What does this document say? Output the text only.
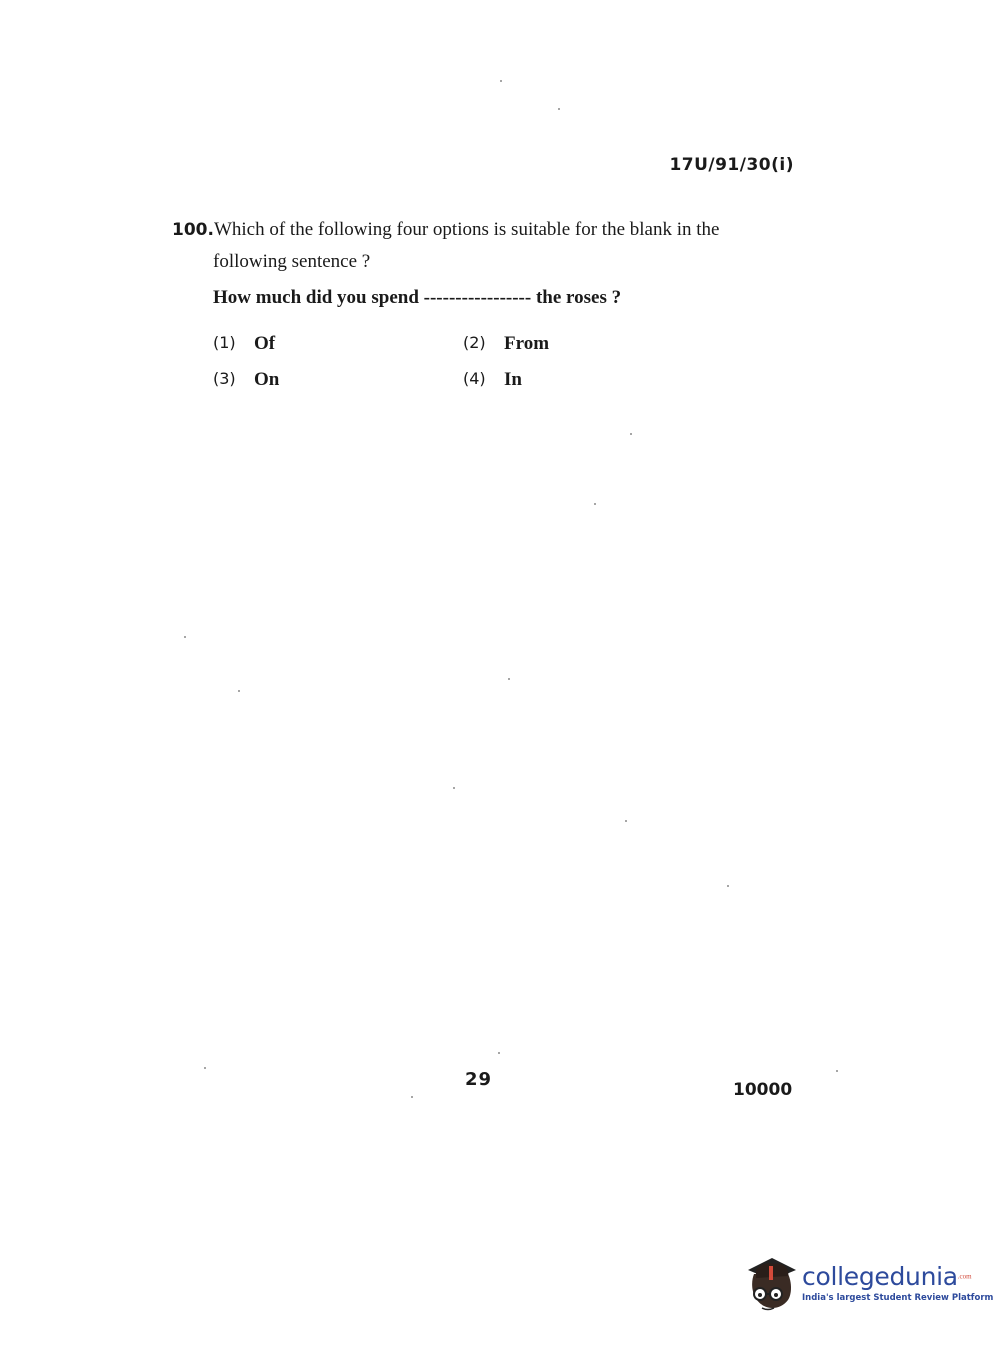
17U/91/30(i)
100.Which of the following four options is suitable for the blank in the
following sentence ?
How much did you spend ----------------- the roses ?
(1) Of	(2) From
(3) On	(4) In
29	10000
collegedunia$^{.com}$
India's largest Student Review Platform
